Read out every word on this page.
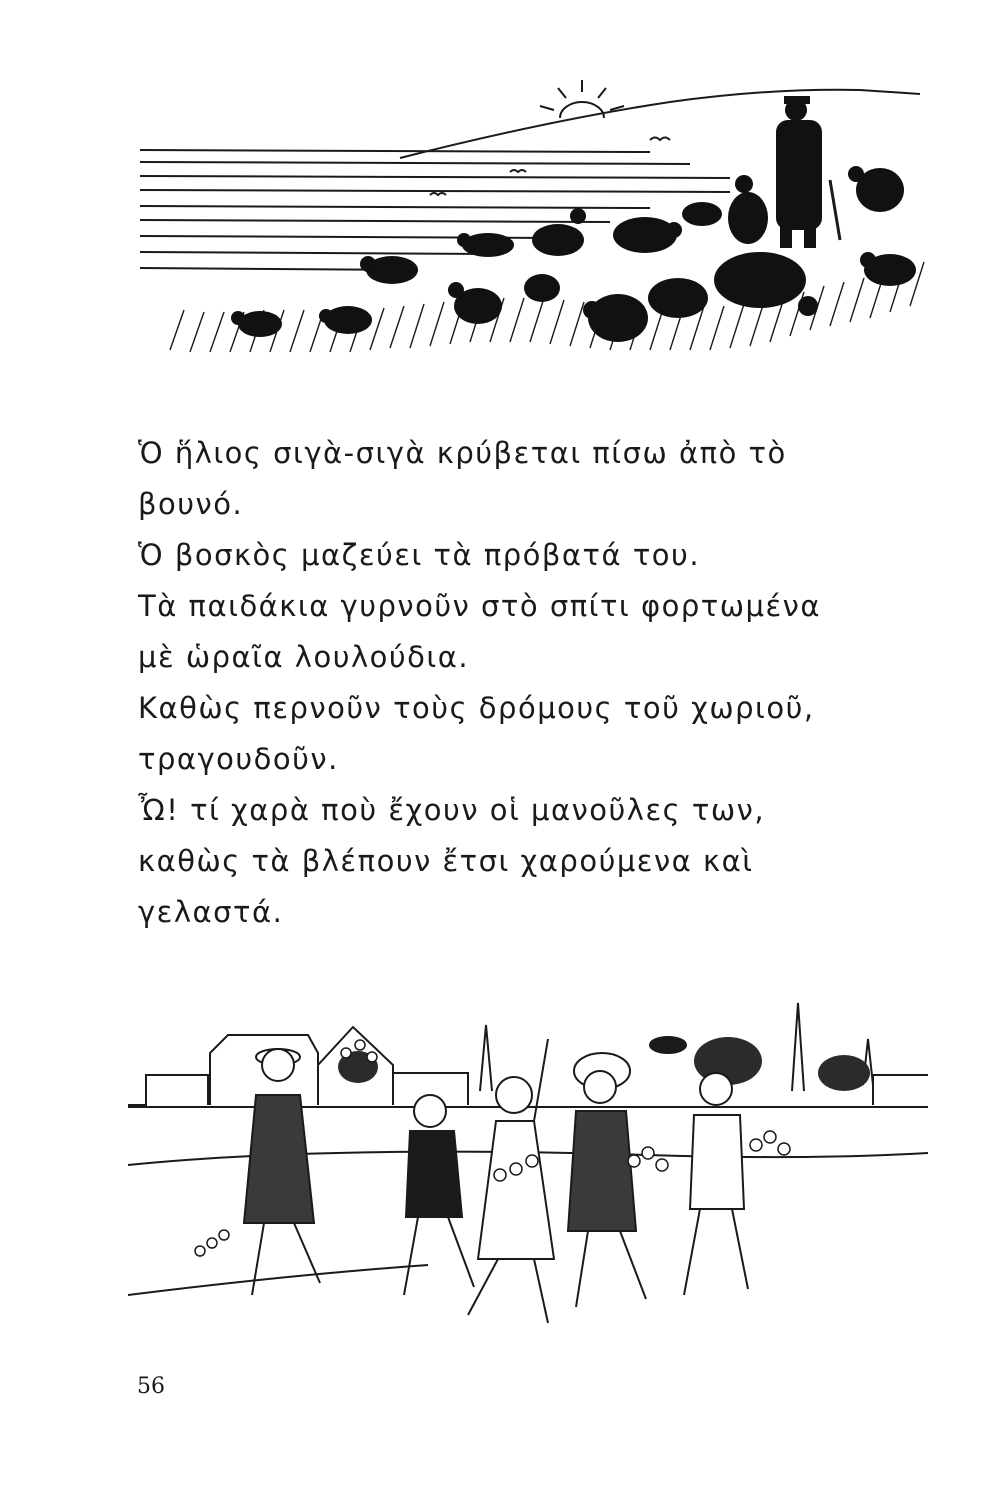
Ὁ ἥλιος σιγὰ-σιγὰ κρύβεται πίσω ἀπὸ τὸ
βουνό.
Ὁ βοσκὸς μαζεύει τὰ πρόβατά του.
Τὰ παιδάκια γυρνοῦν στὸ σπίτι φορτωμένα
μὲ ὡραῖα λουλούδια.
Καθὼς περνοῦν τοὺς δρόμους τοῦ χωριοῦ,
τραγουδοῦν.
Ὦ! τί χαρὰ ποὺ ἔχουν οἱ μανοῦλες των,
καθὼς τὰ βλέπουν ἔτσι χαρούμενα καὶ
γελαστά.
56
